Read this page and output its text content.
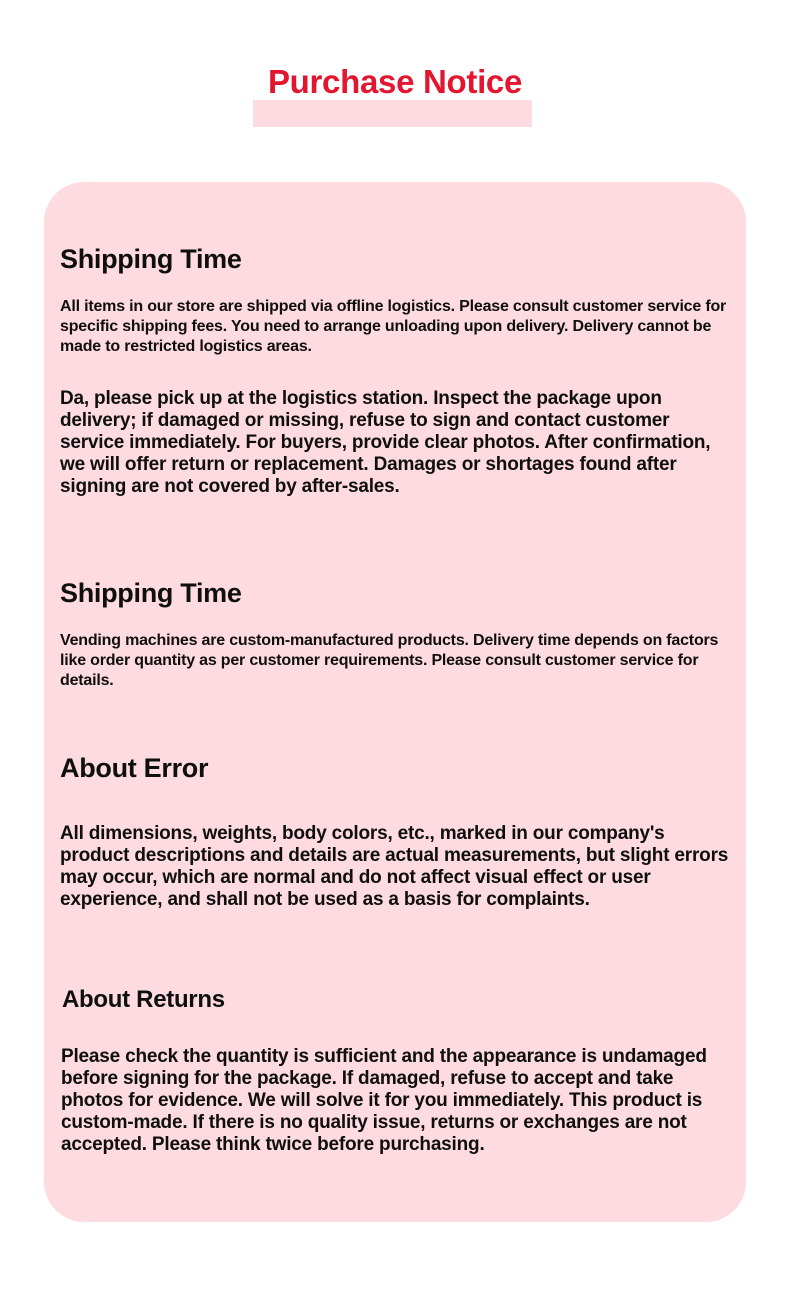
Purchase Notice
Shipping Time

All items in our store are shipped via offline logistics. Please consult customer service for specific shipping fees. You need to arrange unloading upon delivery. Delivery cannot be made to restricted logistics areas.

Da, please pick up at the logistics station. Inspect the package upon delivery; if damaged or missing, refuse to sign and contact customer service immediately. For buyers, provide clear photos. After confirmation, we will offer return or replacement. Damages or shortages found after signing are not covered by after-sales.

Shipping Time

Vending machines are custom-manufactured products. Delivery time depends on factors like order quantity as per customer requirements. Please consult customer service for details.

About Error

All dimensions, weights, body colors, etc., marked in our company's product descriptions and details are actual measurements, but slight errors may occur, which are normal and do not affect visual effect or user experience, and shall not be used as a basis for complaints.

About Returns

Please check the quantity is sufficient and the appearance is undamaged before signing for the package. If damaged, refuse to accept and take photos for evidence. We will solve it for you immediately. This product is custom-made. If there is no quality issue, returns or exchanges are not accepted. Please think twice before purchasing.
